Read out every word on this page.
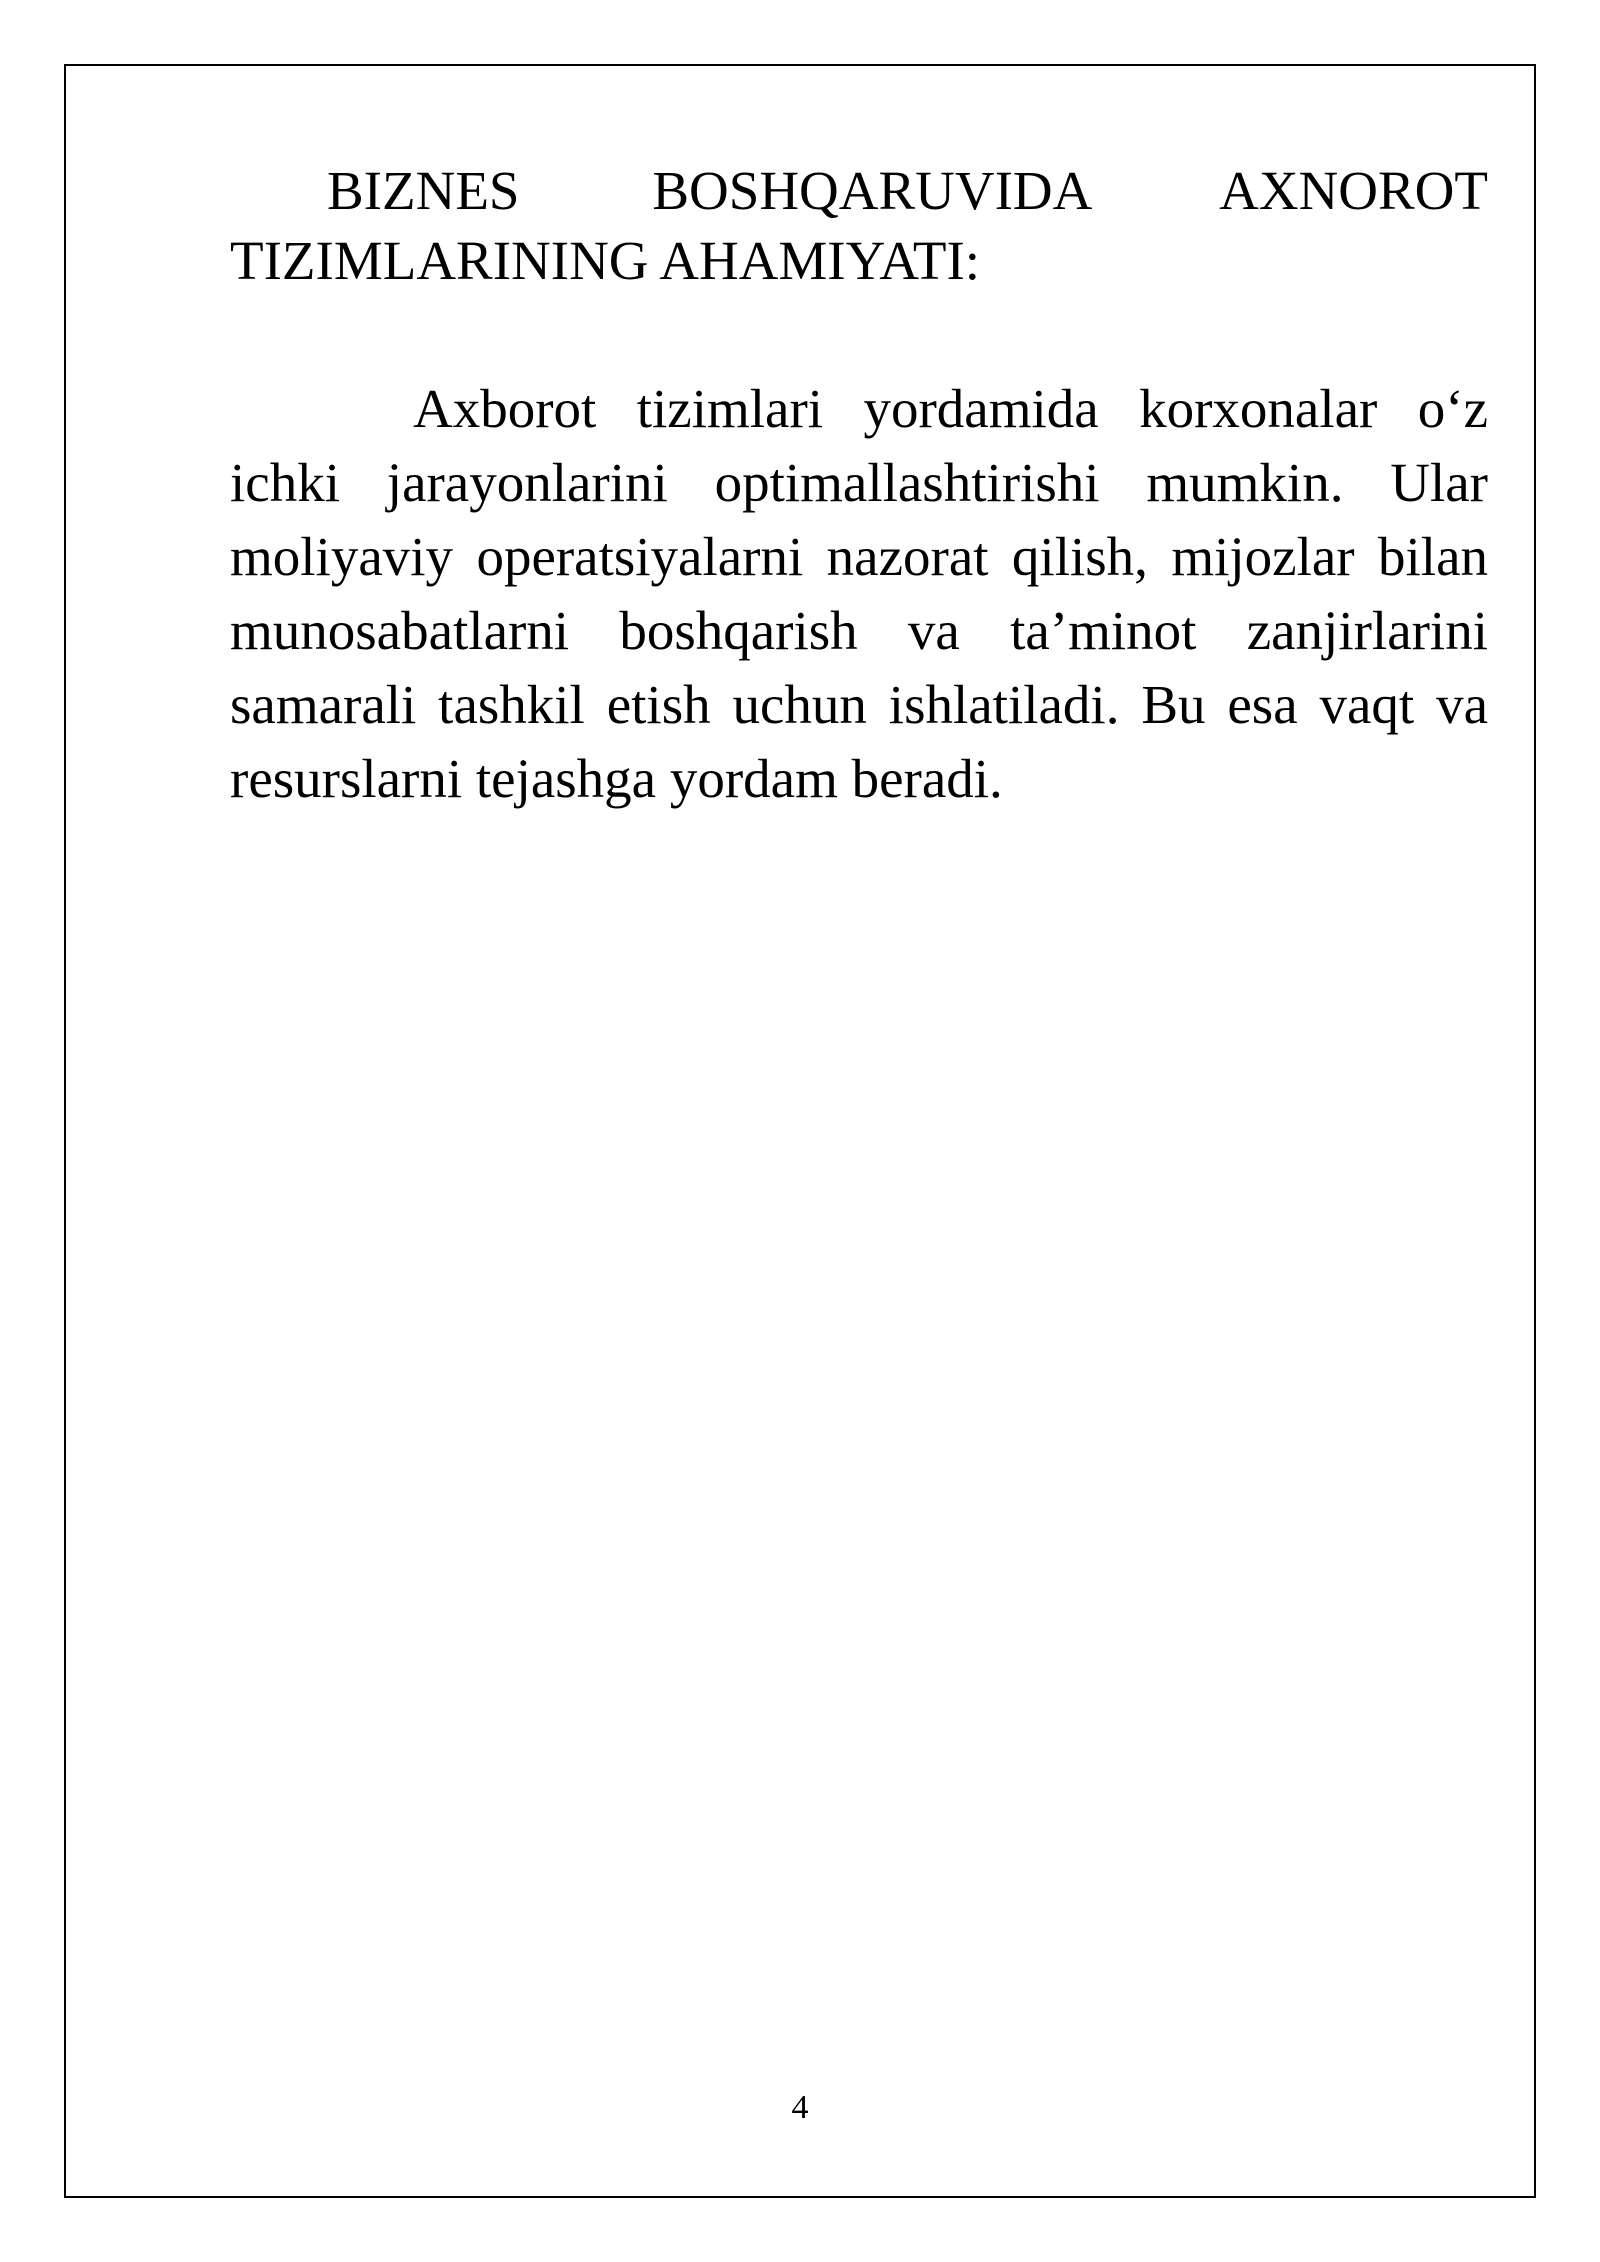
BIZNES BOSHQARUVIDA AXNOROT TIZIMLARINING AHAMIYATI:

Axborot tizimlari yordamida korxonalar o‘z ichki jarayonlarini optimallashtirishi mumkin. Ular moliyaviy operatsiyalarni nazorat qilish, mijozlar bilan munosabatlarni boshqarish va ta’minot zanjirlarini samarali tashkil etish uchun ishlatiladi. Bu esa vaqt va resurslarni tejashga yordam beradi.

4
